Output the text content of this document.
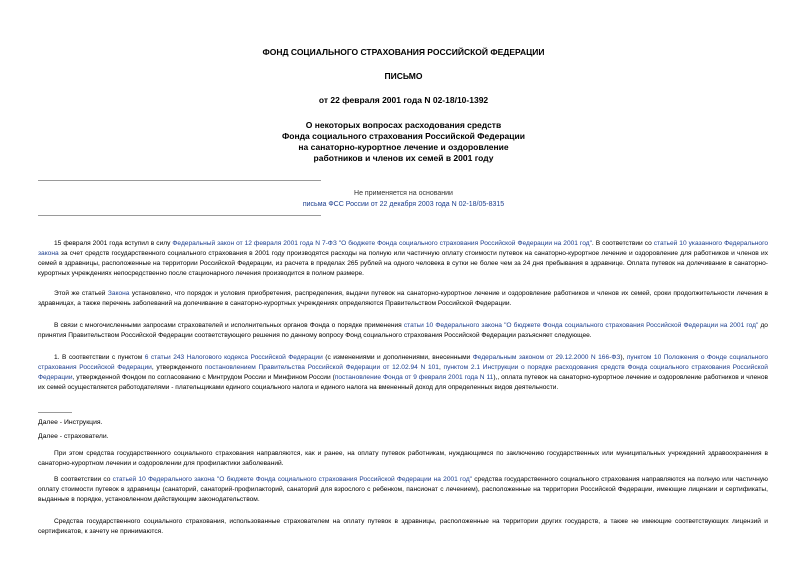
ФОНД СОЦИАЛЬНОГО СТРАХОВАНИЯ РОССИЙСКОЙ ФЕДЕРАЦИИ
ПИСЬМО
от 22 февраля 2001 года N 02-18/10-1392
О некоторых вопросах расходования средств
Фонда социального страхования Российской Федерации
на санаторно-курортное лечение и оздоровление
работников и членов их семей в 2001 году
Не применяется на основании
письма ФСС России от 22 декабря 2003 года N 02-18/05-8315
15 февраля 2001 года вступил в силу Федеральный закон от 12 февраля 2001 года N 7-ФЗ "О бюджете Фонда социального страхования Российской Федерации на 2001 год". В соответствии со статьей 10 указанного Федерального закона за счет средств государственного социального страхования в 2001 году производятся расходы на полную или частичную оплату стоимости путевок на санаторно-курортное лечение и оздоровление для работников и членов их семей в здравницы, расположенные на территории Российской Федерации, из расчета в пределах 265 рублей на одного человека в сутки не более чем за 24 дня пребывания в здравнице. Оплата путевок на долечивание в санаторно-курортных учреждениях непосредственно после стационарного лечения производится в полном размере.
Этой же статьей Закона установлено, что порядок и условия приобретения, распределения, выдачи путевок на санаторно-курортное лечение и оздоровление работников и членов их семей, сроки продолжительности лечения в здравницах, а также перечень заболеваний на долечивание в санаторно-курортных учреждениях определяются Правительством Российской Федерации.
В связи с многочисленными запросами страхователей и исполнительных органов Фонда о порядке применения статьи 10 Федерального закона "О бюджете Фонда социального страхования Российской Федерации на 2001 год" до принятия Правительством Российской Федерации соответствующего решения по данному вопросу Фонд социального страхования Российской Федерации разъясняет следующее.
1. В соответствии с пунктом 6 статьи 243 Налогового кодекса Российской Федерации (с изменениями и дополнениями, внесенными Федеральным законом от 29.12.2000 N 166-ФЗ), пунктом 10 Положения о Фонде социального страхования Российской Федерации, утвержденного постановлением Правительства Российской Федерации от 12.02.94 N 101, пунктом 2.1 Инструкции о порядке расходования средств Фонда социального страхования Российской Федерации, утвержденной Фондом по согласованию с Минтрудом России и Минфином России (постановление Фонда от 9 февраля 2001 года N 11),, оплата путевок на санаторно-курортное лечение и оздоровление работников и членов их семей осуществляется работодателями - плательщиками единого социального налога и единого налога на вмененный доход для определенных видов деятельности.
Далее - Инструкция.
Далее - страхователи.
При этом средства государственного социального страхования направляются, как и ранее, на оплату путевок работникам, нуждающимся по заключению государственных или муниципальных учреждений здравоохранения в санаторно-курортном лечении и оздоровлении для профилактики заболеваний.
В соответствии со статьей 10 Федерального закона "О бюджете Фонда социального страхования Российской Федерации на 2001 год" средства государственного социального страхования направляются на полную или частичную оплату стоимости путевок в здравницы (санаторий, санаторий-профилакторий, санаторий для взрослого с ребенком, пансионат с лечением), расположенные на территории Российской Федерации, имеющие лицензии и сертификаты, выданные в порядке, установленном действующим законодательством.
Средства государственного социального страхования, использованные страхователем на оплату путевок в здравницы, расположенные на территории других государств, а также не имеющие соответствующих лицензий и сертификатов, к зачету не принимаются.
